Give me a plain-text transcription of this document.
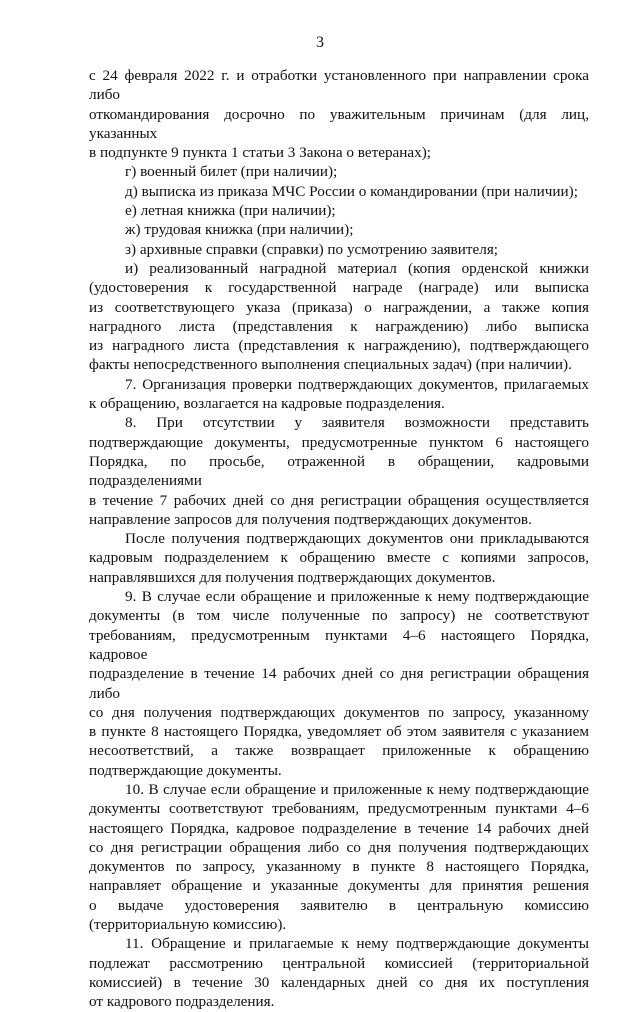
3
с 24 февраля 2022 г. и отработки установленного при направлении срока либо
откомандирования досрочно по уважительным причинам (для лиц, указанных
в подпункте 9 пункта 1 статьи 3 Закона о ветеранах);
г) военный билет (при наличии);
д) выписка из приказа МЧС России о командировании (при наличии);
е) летная книжка (при наличии);
ж) трудовая книжка (при наличии);
з) архивные справки (справки) по усмотрению заявителя;
и) реализованный наградной материал (копия орденской книжки
(удостоверения к государственной награде (награде) или выписка
из соответствующего указа (приказа) о награждении, а также копия
наградного листа (представления к награждению) либо выписка
из наградного листа (представления к награждению), подтверждающего
факты непосредственного выполнения специальных задач) (при наличии).
7. Организация проверки подтверждающих документов, прилагаемых
к обращению, возлагается на кадровые подразделения.
8. При отсутствии у заявителя возможности представить
подтверждающие документы, предусмотренные пунктом 6 настоящего
Порядка, по просьбе, отраженной в обращении, кадровыми подразделениями
в течение 7 рабочих дней со дня регистрации обращения осуществляется
направление запросов для получения подтверждающих документов.
После получения подтверждающих документов они прикладываются
кадровым подразделением к обращению вместе с копиями запросов,
направлявшихся для получения подтверждающих документов.
9. В случае если обращение и приложенные к нему подтверждающие
документы (в том числе полученные по запросу) не соответствуют
требованиям, предусмотренным пунктами 4–6 настоящего Порядка, кадровое
подразделение в течение 14 рабочих дней со дня регистрации обращения либо
со дня получения подтверждающих документов по запросу, указанному
в пункте 8 настоящего Порядка, уведомляет об этом заявителя с указанием
несоответствий, а также возвращает приложенные к обращению
подтверждающие документы.
10. В случае если обращение и приложенные к нему подтверждающие
документы соответствуют требованиям, предусмотренным пунктами 4–6
настоящего Порядка, кадровое подразделение в течение 14 рабочих дней
со дня регистрации обращения либо со дня получения подтверждающих
документов по запросу, указанному в пункте 8 настоящего Порядка,
направляет обращение и указанные документы для принятия решения
о выдаче удостоверения заявителю в центральную комиссию
(территориальную комиссию).
11. Обращение и прилагаемые к нему подтверждающие документы
подлежат рассмотрению центральной комиссией (территориальной
комиссией) в течение 30 календарных дней со дня их поступления
от кадрового подразделения.
